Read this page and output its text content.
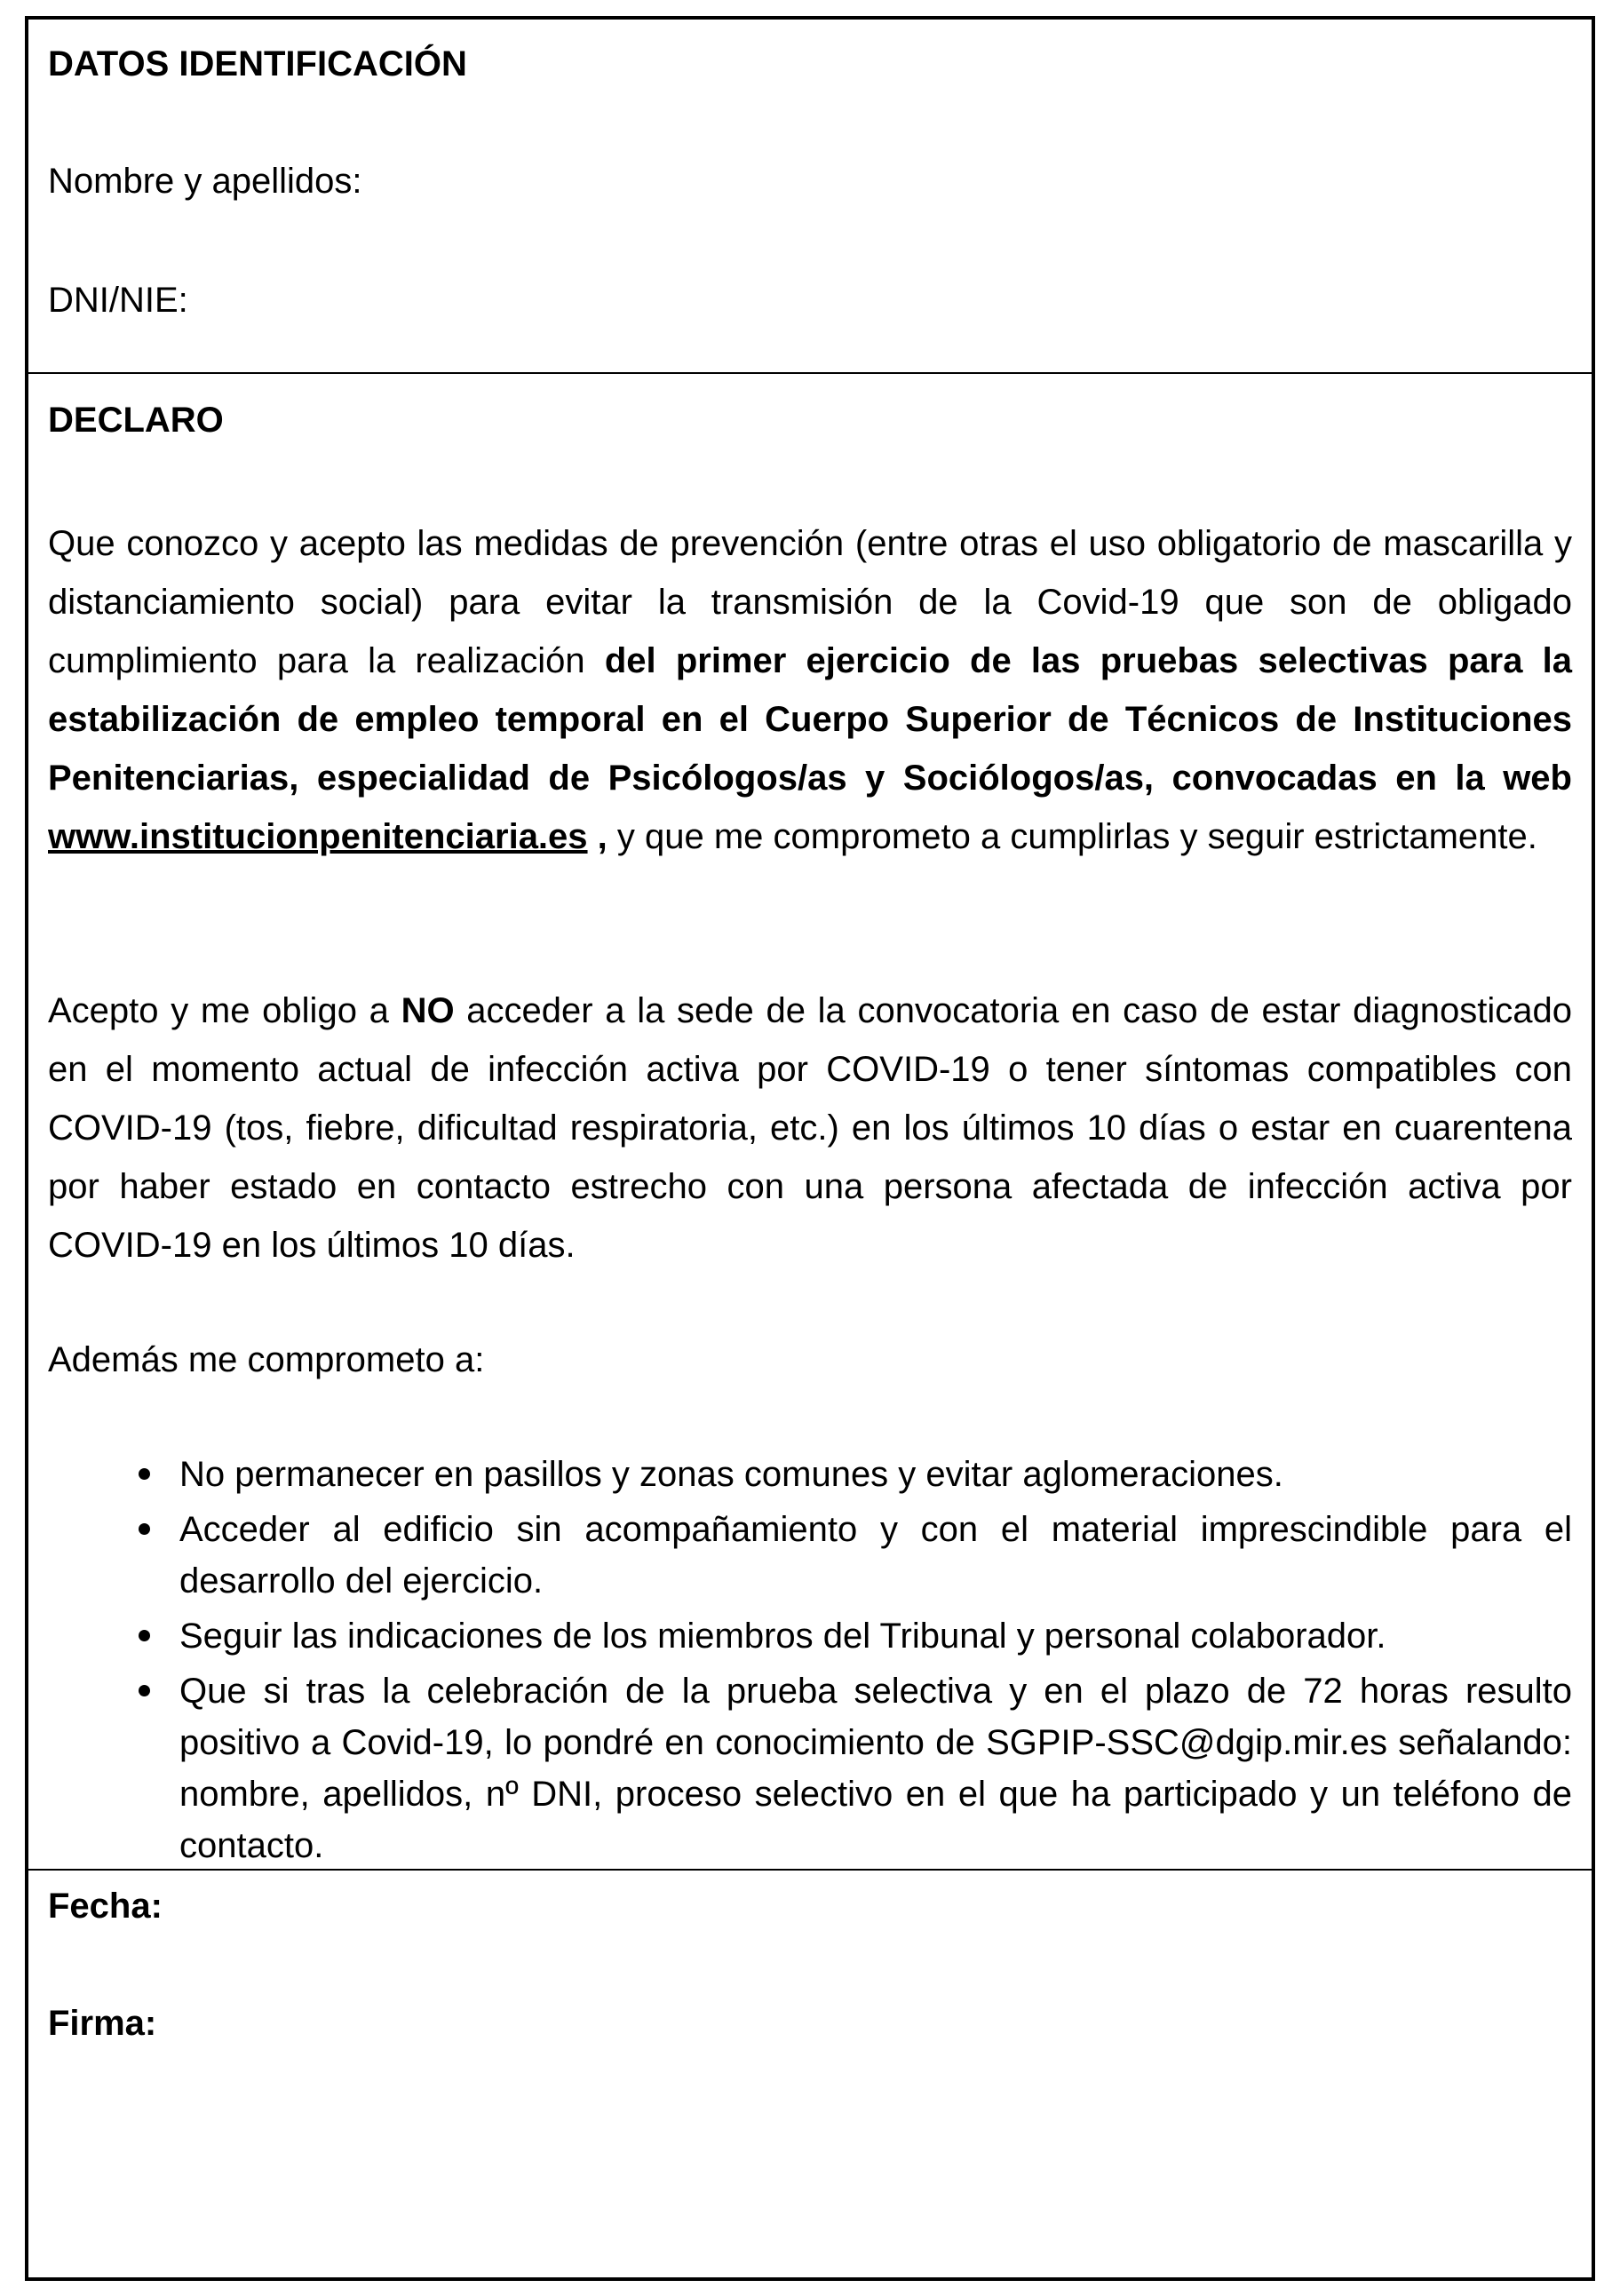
DATOS IDENTIFICACIÓN

Nombre y apellidos:

DNI/NIE:

DECLARO

Que conozco y acepto las medidas de prevención (entre otras el uso obligatorio de mascarilla y distanciamiento social) para evitar la transmisión de la Covid-19 que son de obligado cumplimiento para la realización del primer ejercicio de las pruebas selectivas para la estabilización de empleo temporal en el Cuerpo Superior de Técnicos de Instituciones Penitenciarias, especialidad de Psicólogos/as y Sociólogos/as, convocadas en la web www.institucionpenitenciaria.es , y que me comprometo a cumplirlas y seguir estrictamente.

Acepto y me obligo a NO acceder a la sede de la convocatoria en caso de estar diagnosticado en el momento actual de infección activa por COVID-19 o tener síntomas compatibles con COVID-19 (tos, fiebre, dificultad respiratoria, etc.) en los últimos 10 días o estar en cuarentena por haber estado en contacto estrecho con una persona afectada de infección activa por COVID-19 en los últimos 10 días.

Además me comprometo a:

No permanecer en pasillos y zonas comunes y evitar aglomeraciones.
Acceder al edificio sin acompañamiento y con el material imprescindible para el desarrollo del ejercicio.
Seguir las indicaciones de los miembros del Tribunal y personal colaborador.
Que si tras la celebración de la prueba selectiva y en el plazo de 72 horas resulto positivo a Covid-19, lo pondré en conocimiento de SGPIP-SSC@dgip.mir.es señalando: nombre, apellidos, nº DNI, proceso selectivo en el que ha participado y un teléfono de contacto.

Fecha:

Firma:
